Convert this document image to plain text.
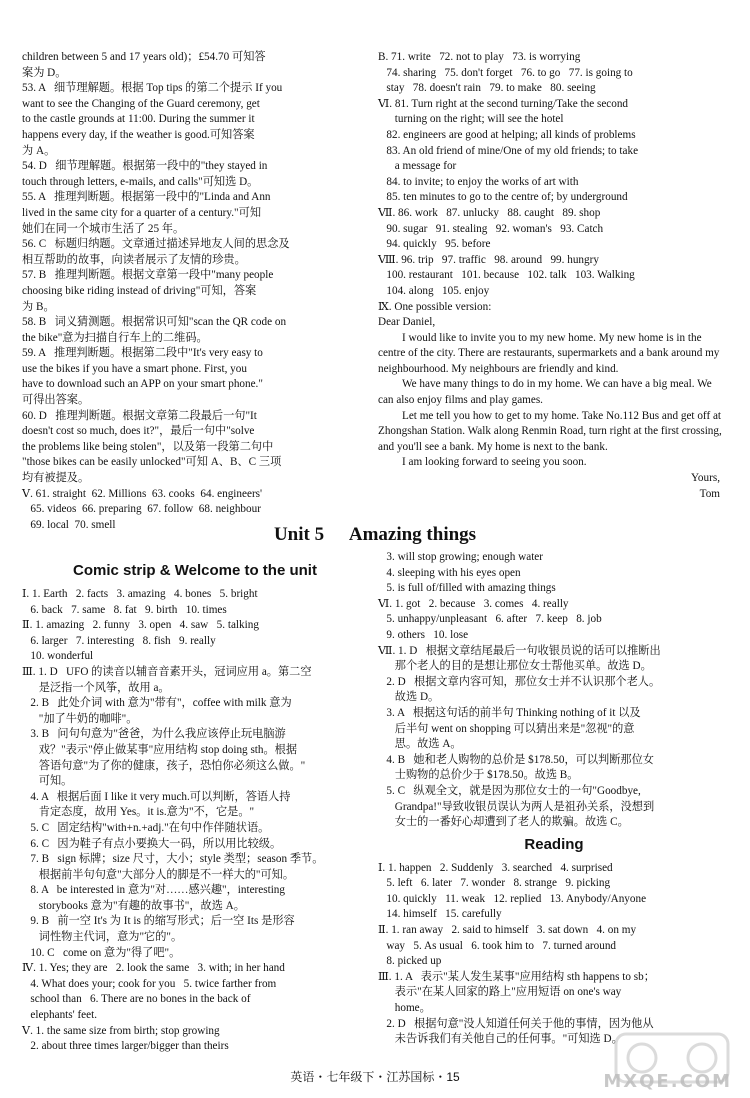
children between 5 and 17 years old)；£54.70 可知答

案为 D。

53. A   细节理解题。根据 Top tips 的第二个提示 If you

want to see the Changing of the Guard ceremony, get

to the castle grounds at 11:00. During the summer it

happens every day, if the weather is good.可知答案

为 A。

54. D   细节理解题。根据第一段中的"they stayed in

touch through letters, e-mails, and calls"可知选 D。

55. A   推理判断题。根据第一段中的"Linda and Ann

lived in the same city for a quarter of a century."可知

她们在同一个城市生活了 25 年。

56. C   标题归纳题。文章通过描述异地友人间的思念及

相互帮助的故事，向读者展示了友情的珍贵。

57. B   推理判断题。根据文章第一段中"many people

choosing bike riding instead of driving"可知，答案

为 B。

58. B   词义猜测题。根据常识可知"scan the QR code on

the bike"意为扫描自行车上的二维码。

59. A   推理判断题。根据第二段中"It's very easy to

use the bikes if you have a smart phone. First, you

have to download such an APP on your smart phone."

可得出答案。

60. D   推理判断题。根据文章第二段最后一句"It

doesn't cost so much, does it?"，最后一句中"solve

the problems like being stolen"，以及第一段第二句中

"those bikes can be easily unlocked"可知 A、B、C 三项

均有被提及。

Ⅴ. 61. straight  62. Millions  63. cooks  64. engineers'

65. videos  66. preparing  67. follow  68. neighbour

69. local  70. smell

B. 71. write   72. not to play   73. is worrying

74. sharing   75. don't forget   76. to go   77. is going to

stay   78. doesn't rain   79. to make   80. seeing

Ⅵ. 81. Turn right at the second turning/Take the second

turning on the right; will see the hotel

82. engineers are good at helping; all kinds of problems

83. An old friend of mine/One of my old friends; to take

a message for

84. to invite; to enjoy the works of art with

85. ten minutes to go to the centre of; by underground

Ⅶ. 86. work   87. unlucky   88. caught   89. shop

90. sugar   91. stealing   92. woman's   93. Catch

94. quickly   95. before

Ⅷ. 96. trip   97. traffic   98. around   99. hungry

100. restaurant   101. because   102. talk   103. Walking

104. along   105. enjoy

Ⅸ. One possible version:

Dear Daniel,

I would like to invite you to my new home. My new home is in the centre of the city. There are restaurants, supermarkets and a bank around my neighbourhood. My neighbours are friendly and kind.

We have many things to do in my home. We can have a big meal. We can also enjoy films and play games.

Let me tell you how to get to my home. Take No.112 Bus and get off at Zhongshan Station. Walk along Renmin Road, turn right at the first crossing, and you'll see a bank. My home is next to the bank.

I am looking forward to seeing you soon.

Yours,

Tom

Unit 5 Amazing things
Comic strip & Welcome to the unit

Ⅰ. 1. Earth   2. facts   3. amazing   4. bones   5. bright

6. back   7. same   8. fat   9. birth   10. times

Ⅱ. 1. amazing   2. funny   3. open   4. saw   5. talking

6. larger   7. interesting   8. fish   9. really

10. wonderful

Ⅲ. 1. D   UFO 的读音以辅音音素开头，冠词应用 a。第二空

是泛指一个风筝，故用 a。

2. B   此处介词 with 意为"带有"，coffee with milk 意为

"加了牛奶的咖啡"。

3. B   问句句意为"爸爸，为什么我应该停止玩电脑游

戏？"表示"停止做某事"应用结构 stop doing sth。根据

答语句意"为了你的健康，孩子，恐怕你必须这么做。"

可知。

4. A   根据后面 I like it very much.可以判断，答语人持

肯定态度，故用 Yes。it is.意为"不，它是。"

5. C   固定结构"with+n.+adj."在句中作伴随状语。

6. C   因为鞋子有点小要换大一码，所以用比较级。

7. B   sign 标牌；size 尺寸，大小；style 类型；season 季节。

根据前半句句意"大部分人的脚是不一样大的"可知。

8. A   be interested in 意为"对……感兴趣"，interesting

storybooks 意为"有趣的故事书"，故选 A。

9. B   前一空 It's 为 It is 的缩写形式；后一空 Its 是形容

词性物主代词，意为"它的"。

10. C   come on 意为"得了吧"。

Ⅳ. 1. Yes; they are   2. look the same   3. with; in her hand

4. What does your; cook for you   5. twice farther from

school than   6. There are no bones in the back of

elephants' feet.

Ⅴ. 1. the same size from birth; stop growing

2. about three times larger/bigger than theirs

3. will stop growing; enough water

4. sleeping with his eyes open

5. is full of/filled with amazing things

Ⅵ. 1. got   2. because   3. comes   4. really

5. unhappy/unpleasant   6. after   7. keep   8. job

9. others   10. lose

Ⅶ. 1. D   根据文章结尾最后一句收银员说的话可以推断出

那个老人的目的是想让那位女士帮他买单。故选 D。

2. D   根据文章内容可知，那位女士并不认识那个老人。

故选 D。

3. A   根据这句话的前半句 Thinking nothing of it 以及

后半句 went on shopping 可以猜出来是"忽视"的意

思。故选 A。

4. B   她和老人购物的总价是 $178.50，可以判断那位女

士购物的总价少于 $178.50。故选 B。

5. C   纵观全文，就是因为那位女士的一句"Goodbye,

Grandpa!"导致收银员误认为两人是祖孙关系，没想到

女士的一番好心却遭到了老人的欺骗。故选 C。

Reading

Ⅰ. 1. happen   2. Suddenly   3. searched   4. surprised

5. left   6. later   7. wonder   8. strange   9. picking

10. quickly   11. weak   12. replied   13. Anybody/Anyone

14. himself   15. carefully

Ⅱ. 1. ran away   2. said to himself   3. sat down   4. on my

way   5. As usual   6. took him to   7. turned around

8. picked up

Ⅲ. 1. A   表示"某人发生某事"应用结构 sth happens to sb；

表示"在某人回家的路上"应用短语 on one's way

home。

2. D   根据句意"没人知道任何关于他的事情，因为他从

未告诉我们有关他自己的任何事。"可知选 D。

英语・七年级下・江苏国标・15	MXQE.COM
